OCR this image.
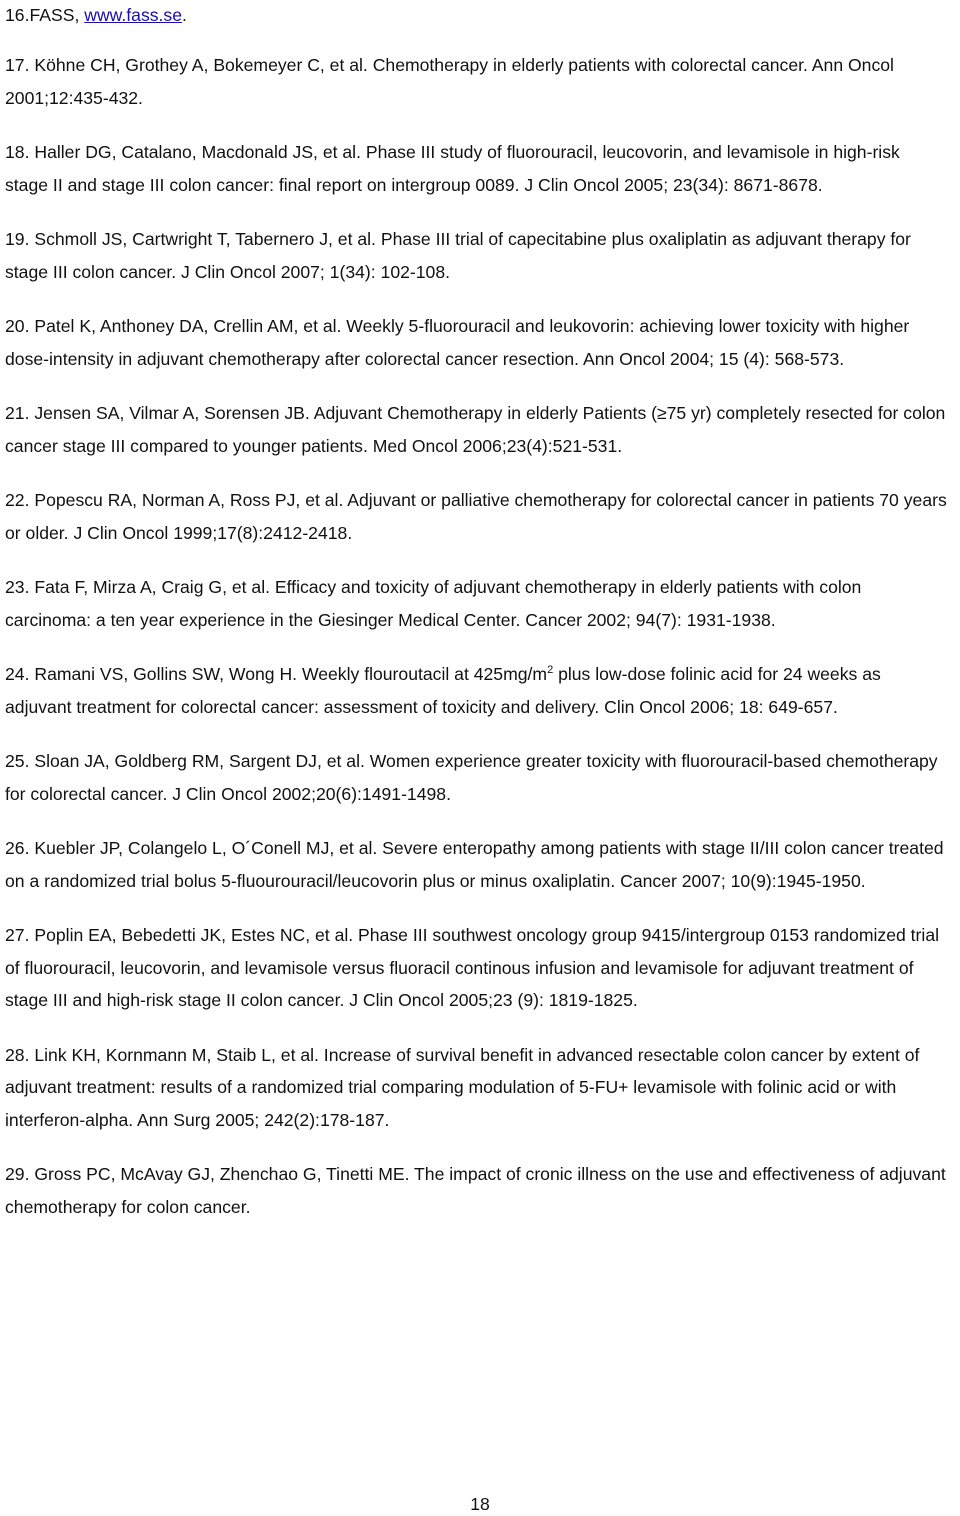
16.FASS, www.fass.se.

17. Köhne CH, Grothey A, Bokemeyer C, et al. Chemotherapy in elderly patients with colorectal cancer. Ann Oncol 2001;12:435-432.

18. Haller DG, Catalano, Macdonald JS, et al. Phase III study of fluorouracil, leucovorin, and levamisole in high-risk stage II and stage III colon cancer: final report on intergroup 0089. J Clin Oncol 2005; 23(34): 8671-8678.

19. Schmoll JS, Cartwright T, Tabernero J, et al. Phase III trial of capecitabine plus oxaliplatin as adjuvant therapy for stage III colon cancer. J Clin Oncol 2007; 1(34): 102-108.

20. Patel K, Anthoney DA, Crellin AM, et al. Weekly 5-fluorouracil and leukovorin: achieving lower toxicity with higher dose-intensity in adjuvant chemotherapy after colorectal cancer resection. Ann Oncol 2004; 15 (4): 568-573.

21. Jensen SA, Vilmar A, Sorensen JB. Adjuvant Chemotherapy in elderly Patients (≥75 yr) completely resected for colon cancer stage III compared to younger patients. Med Oncol 2006;23(4):521-531.

22. Popescu RA, Norman A, Ross PJ, et al. Adjuvant or palliative chemotherapy for colorectal cancer in patients 70 years or older. J Clin Oncol 1999;17(8):2412-2418.

23. Fata F, Mirza A, Craig G, et al. Efficacy and toxicity of adjuvant chemotherapy in elderly patients with colon carcinoma: a ten year experience in the Giesinger Medical Center. Cancer 2002; 94(7): 1931-1938.

24. Ramani VS, Gollins SW, Wong H. Weekly flouroutacil at $425mg/m^2$ plus low-dose folinic acid for 24 weeks as adjuvant treatment for colorectal cancer: assessment of toxicity and delivery. Clin Oncol 2006; 18: 649-657.

25. Sloan JA, Goldberg RM, Sargent DJ, et al. Women experience greater toxicity with fluorouracil-based chemotherapy for colorectal cancer. J Clin Oncol 2002;20(6):1491-1498.

26. Kuebler JP, Colangelo L, O´Conell MJ, et al. Severe enteropathy among patients with stage II/III colon cancer treated on a randomized trial bolus 5-fluourouracil/leucovorin plus or minus oxaliplatin. Cancer 2007; 10(9):1945-1950.

27. Poplin EA, Bebedetti JK, Estes NC, et al. Phase III southwest oncology group 9415/intergroup 0153 randomized trial of fluorouracil, leucovorin, and levamisole versus fluoracil continous infusion and levamisole for adjuvant treatment of stage III and high-risk stage II colon cancer. J Clin Oncol 2005;23 (9): 1819-1825.

28. Link KH, Kornmann M, Staib L, et al. Increase of survival benefit in advanced resectable colon cancer by extent of adjuvant treatment: results of a randomized trial comparing modulation of 5-FU+ levamisole with folinic acid or with interferon-alpha. Ann Surg 2005; 242(2):178-187.

29. Gross PC, McAvay GJ, Zhenchao G, Tinetti ME. The impact of cronic illness on the use and effectiveness of adjuvant chemotherapy for colon cancer.

18
